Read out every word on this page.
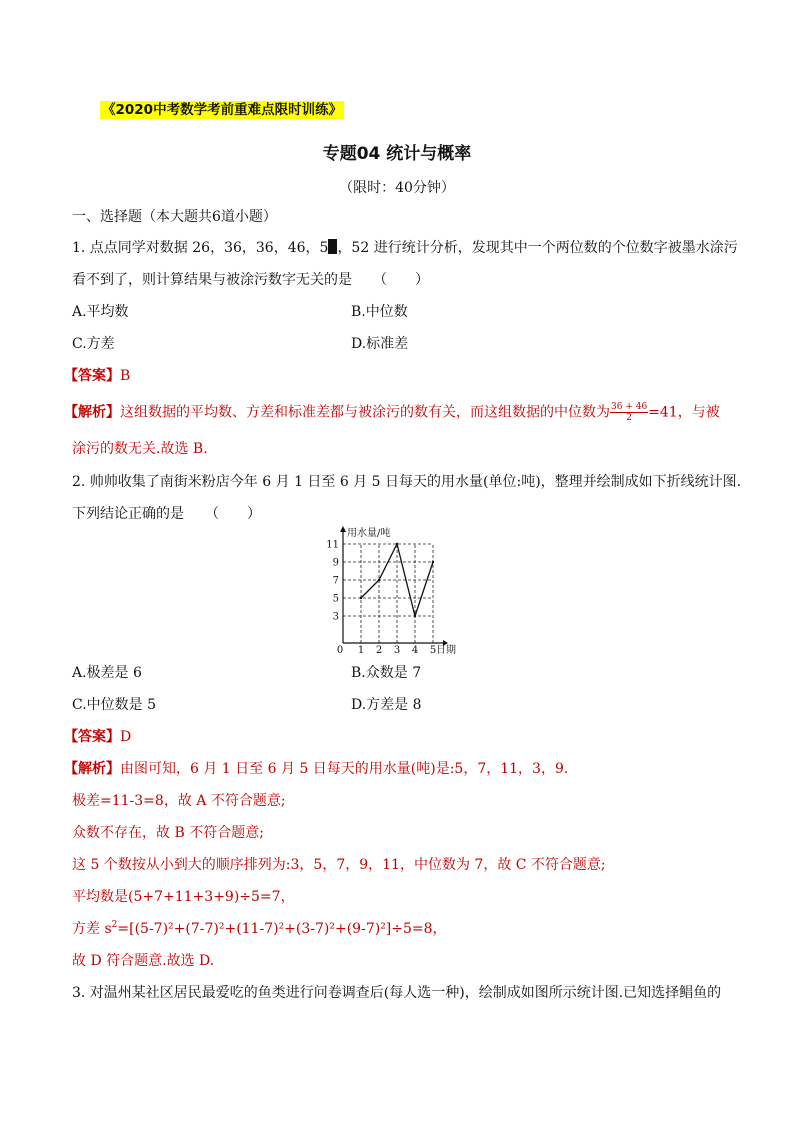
《2020中考数学考前重难点限时训练》
专题04 统计与概率
（限时：40分钟）
一、选择题（本大题共6道小题）
1. 点点同学对数据 26，36，36，46，5 ，52 进行统计分析，发现其中一个两位数的个位数字被墨水涂污
看不到了，则计算结果与被涂污数字无关的是　　（　　）
A.平均数	B.中位数
C.方差	D.标准差
【答案】B
【解析】这组数据的平均数、方差和标准差都与被涂污的数有关，而这组数据的中位数为 $\frac{36 + 46}{2} =41$，与被
涂污的数无关.故选 B.
2. 帅帅收集了南街米粉店今年 6 月 1 日至 6 月 5 日每天的用水量(单位:吨)，整理并绘制成如下折线统计图.
下列结论正确的是　　（　　）
0 1 2 3 4 5
3
5
7
9
11
用水量/吨
日期
A.极差是 6	B.众数是 7
C.中位数是 5	D.方差是 8
【答案】D
【解析】由图可知，6 月 1 日至 6 月 5 日每天的用水量(吨)是:5，7，11，3，9.
极差=11-3=8，故 A 不符合题意;
众数不存在，故 B 不符合题意;
这 5 个数按从小到大的顺序排列为:3，5，7，9，11，中位数为 7，故 C 不符合题意;
平均数是(5+7+11+3+9)÷5=7，
方差 $s^2=[(5-7)^2+(7-7)^2+(11-7)^2+(3-7)^2+(9-7)^2]\div 5=8$，
故 D 符合题意.故选 D.
3. 对温州某社区居民最爱吃的鱼类进行问卷调查后(每人选一种)，绘制成如图所示统计图.已知选择鲳鱼的
